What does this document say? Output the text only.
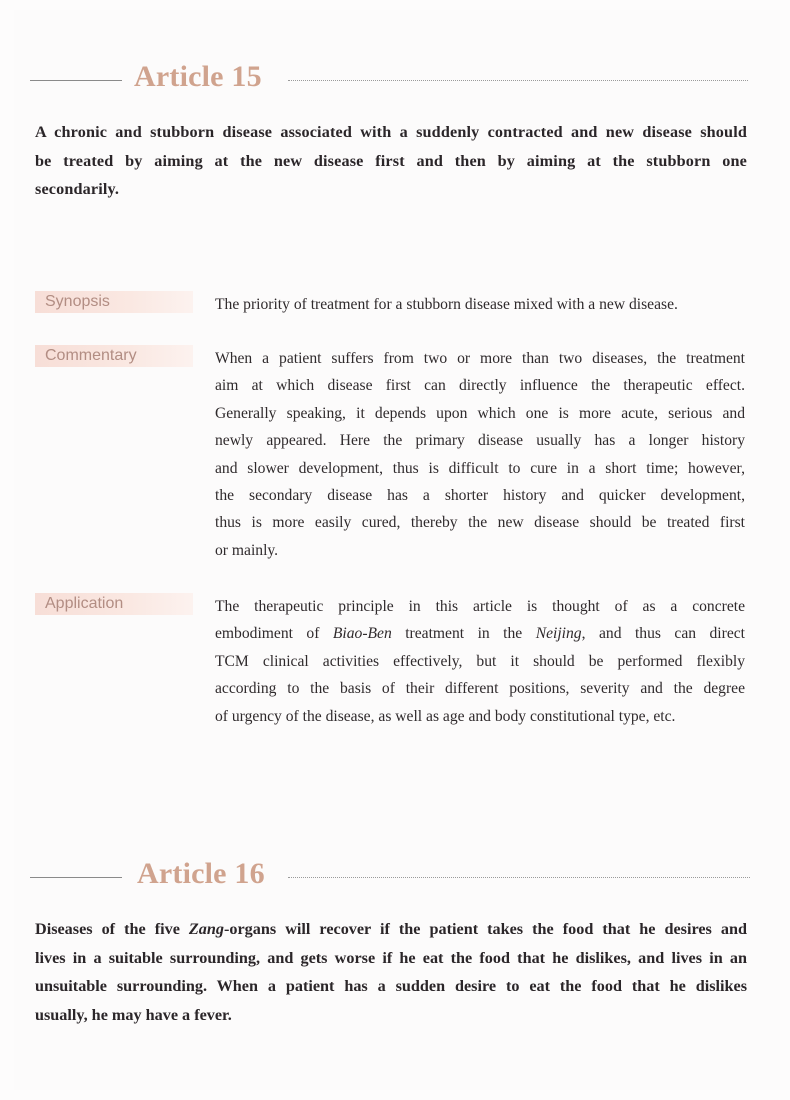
Article 15
A chronic and stubborn disease associated with a suddenly contracted and new disease should
be treated by aiming at the new disease first and then by aiming at the stubborn one
secondarily.
Synopsis	The priority of treatment for a stubborn disease mixed with a new disease.
Commentary	When a patient suffers from two or more than two diseases, the treatment
aim at which disease first can directly influence the therapeutic effect.
Generally speaking, it depends upon which one is more acute, serious and
newly appeared. Here the primary disease usually has a longer history
and slower development, thus is difficult to cure in a short time; however,
the secondary disease has a shorter history and quicker development,
thus is more easily cured, thereby the new disease should be treated first
or mainly.
Application	The therapeutic principle in this article is thought of as a concrete
embodiment of Biao-Ben treatment in the Neijing, and thus can direct
TCM clinical activities effectively, but it should be performed flexibly
according to the basis of their different positions, severity and the degree
of urgency of the disease, as well as age and body constitutional type, etc.
Article 16
Diseases of the five Zang-organs will recover if the patient takes the food that he desires and
lives in a suitable surrounding, and gets worse if he eat the food that he dislikes, and lives in an
unsuitable surrounding. When a patient has a sudden desire to eat the food that he dislikes
usually, he may have a fever.
